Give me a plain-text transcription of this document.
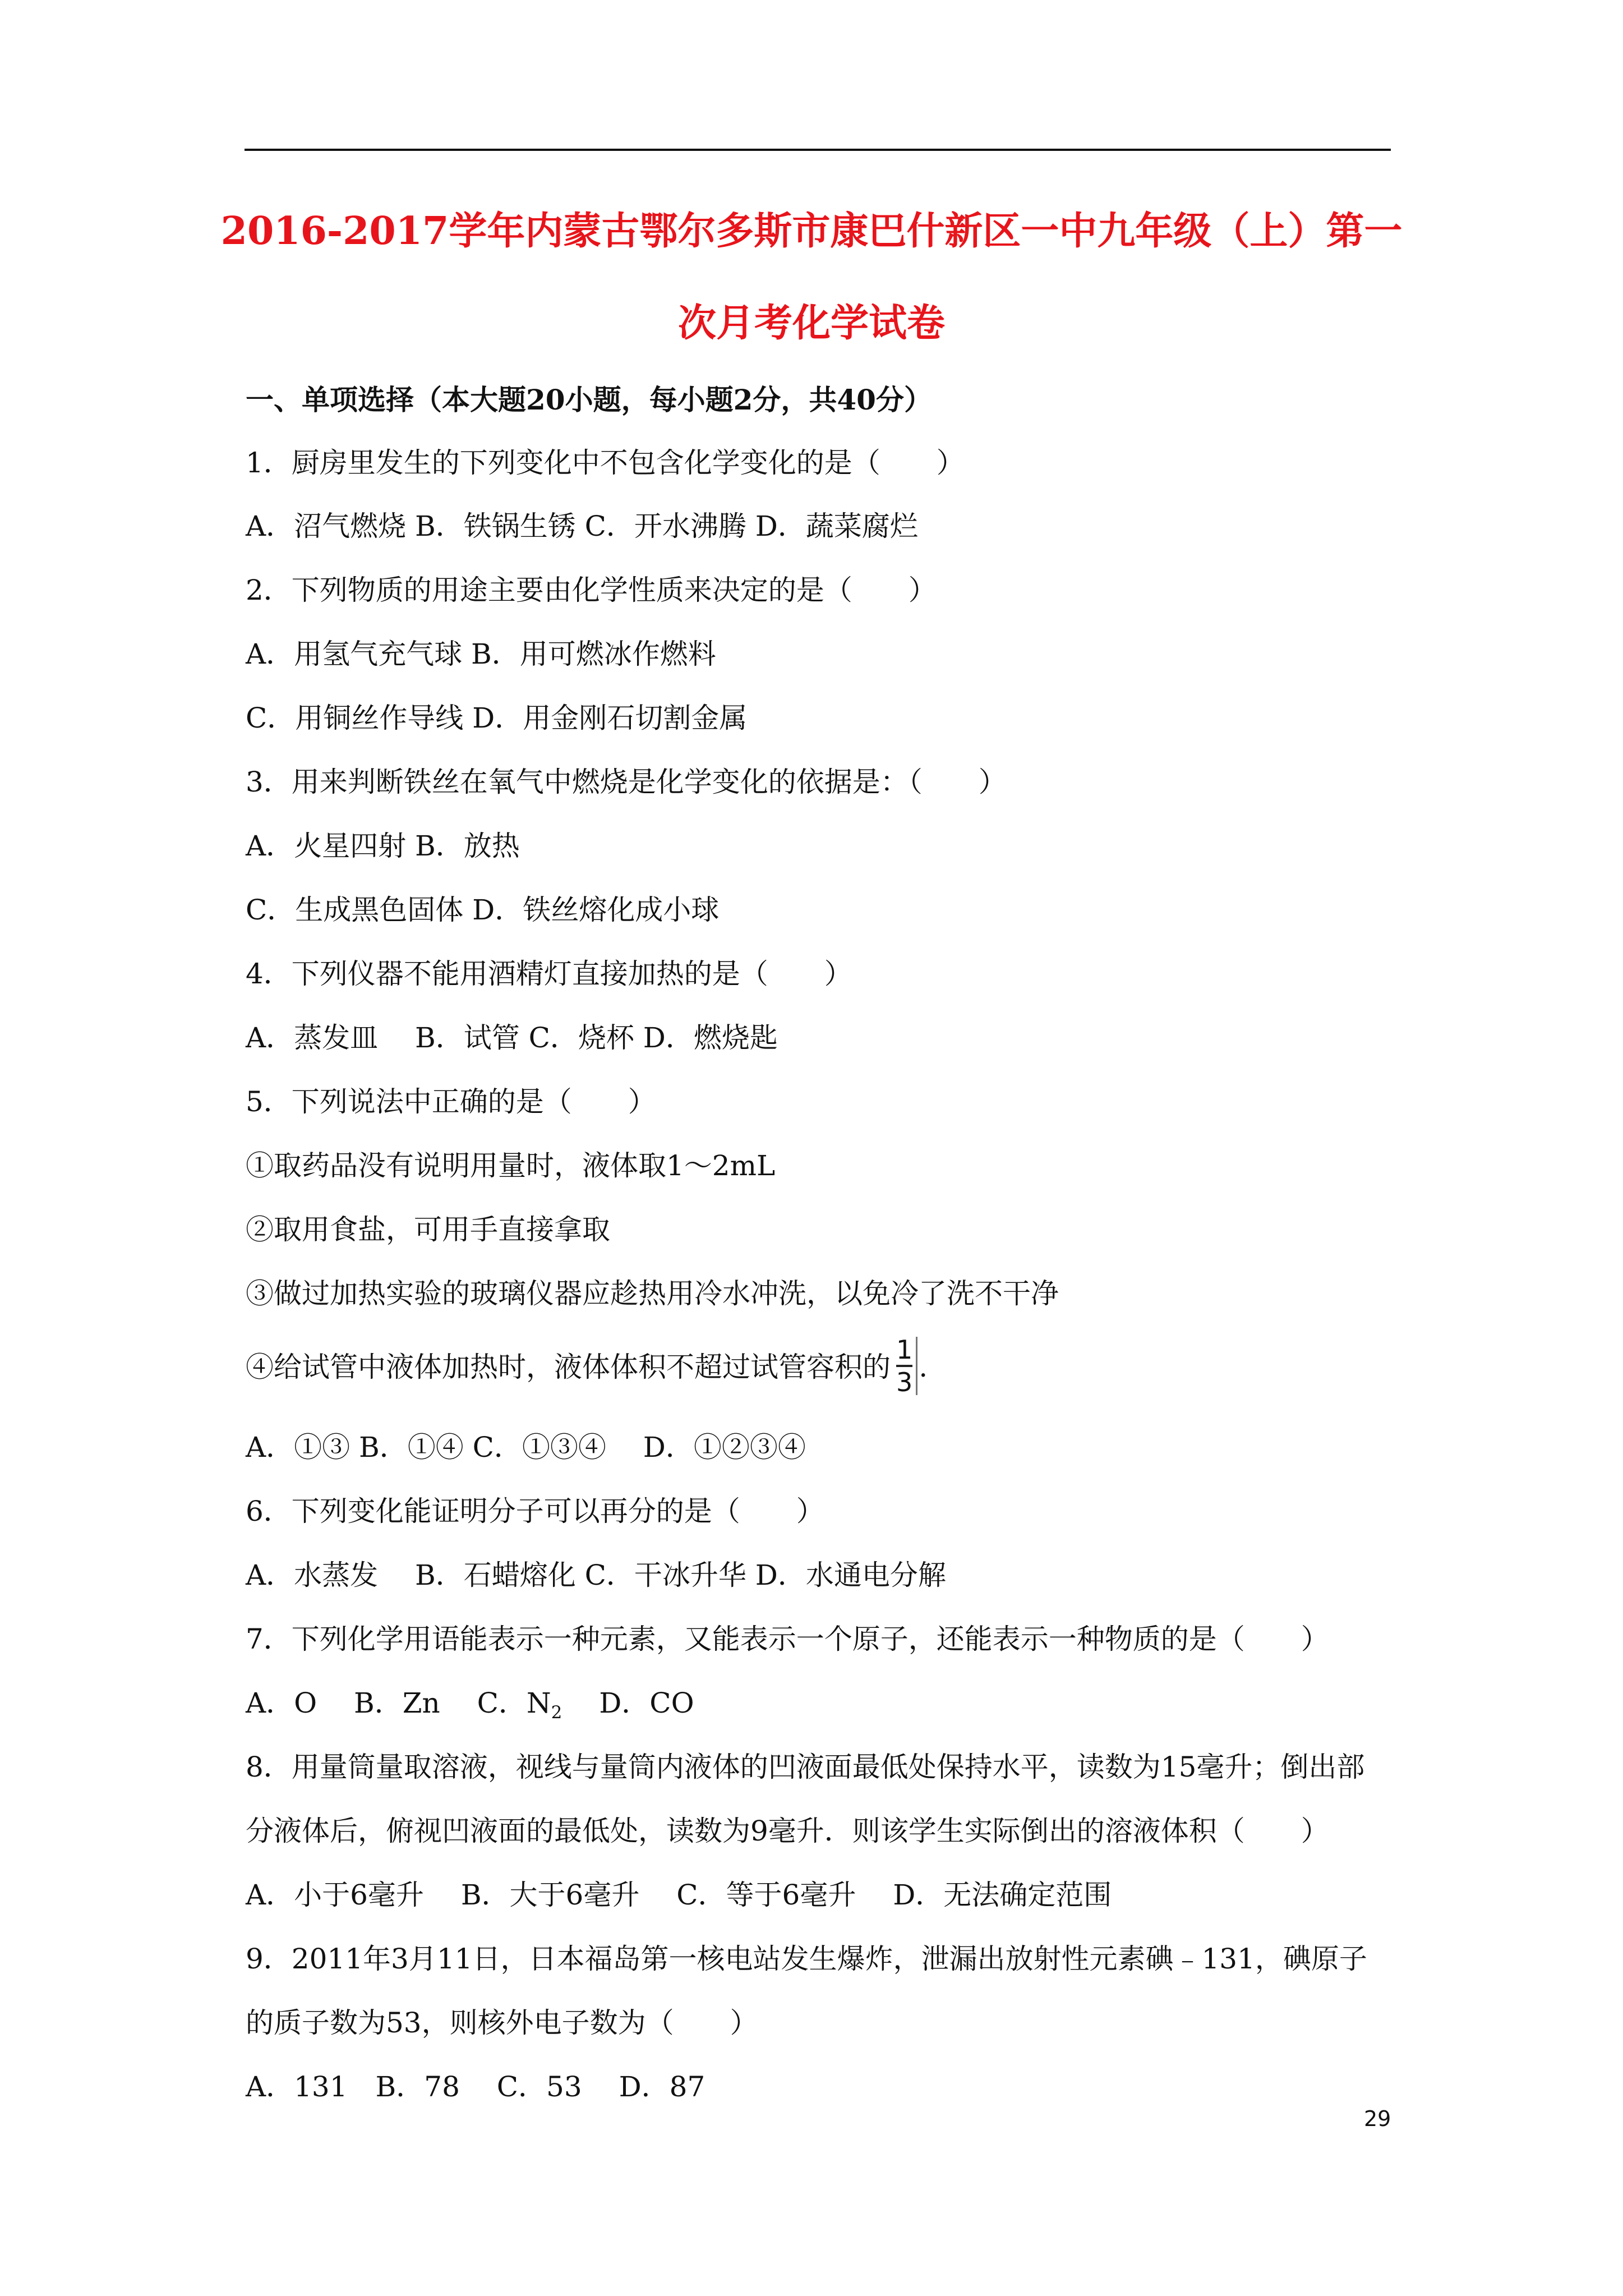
2016-2017学年内蒙古鄂尔多斯市康巴什新区一中九年级（上）第一
次月考化学试卷
一、单项选择（本大题20小题，每小题2分，共40分）
1．厨房里发生的下列变化中不包含化学变化的是（　　）
A．沼气燃烧 B．铁锅生锈 C．开水沸腾 D．蔬菜腐烂
2．下列物质的用途主要由化学性质来决定的是（　　）
A．用氢气充气球 B．用可燃冰作燃料
C．用铜丝作导线 D．用金刚石切割金属
3．用来判断铁丝在氧气中燃烧是化学变化的依据是：（　　）
A．火星四射 B．放热
C．生成黑色固体 D．铁丝熔化成小球
4．下列仪器不能用酒精灯直接加热的是（　　）
A．蒸发皿　 B．试管 C．烧杯 D．燃烧匙
5．下列说法中正确的是（　　）
①取药品没有说明用量时，液体取1～2mL
②取用食盐，可用手直接拿取
③做过加热实验的玻璃仪器应趁热用冷水冲洗，以免冷了洗不干净
④给试管中液体加热时，液体体积不超过试管容积的 $\frac{1}{3}$ .
A．①③ B．①④ C．①③④　 D．①②③④
6．下列变化能证明分子可以再分的是（　　）
A．水蒸发　 B．石蜡熔化 C．干冰升华 D．水通电分解
7．下列化学用语能表示一种元素，又能表示一个原子，还能表示一种物质的是（　　）
A．O　 B．Zn　 C．$N_2$　 D．CO
8．用量筒量取溶液，视线与量筒内液体的凹液面最低处保持水平，读数为15毫升；倒出部
分液体后，俯视凹液面的最低处，读数为9毫升．则该学生实际倒出的溶液体积（　　）
A．小于6毫升　 B．大于6毫升　 C．等于6毫升　 D．无法确定范围
9．2011年3月11日，日本福岛第一核电站发生爆炸，泄漏出放射性元素碘﹣131，碘原子
的质子数为53，则核外电子数为（　　）
A．131　B．78　 C．53　 D．87
29
